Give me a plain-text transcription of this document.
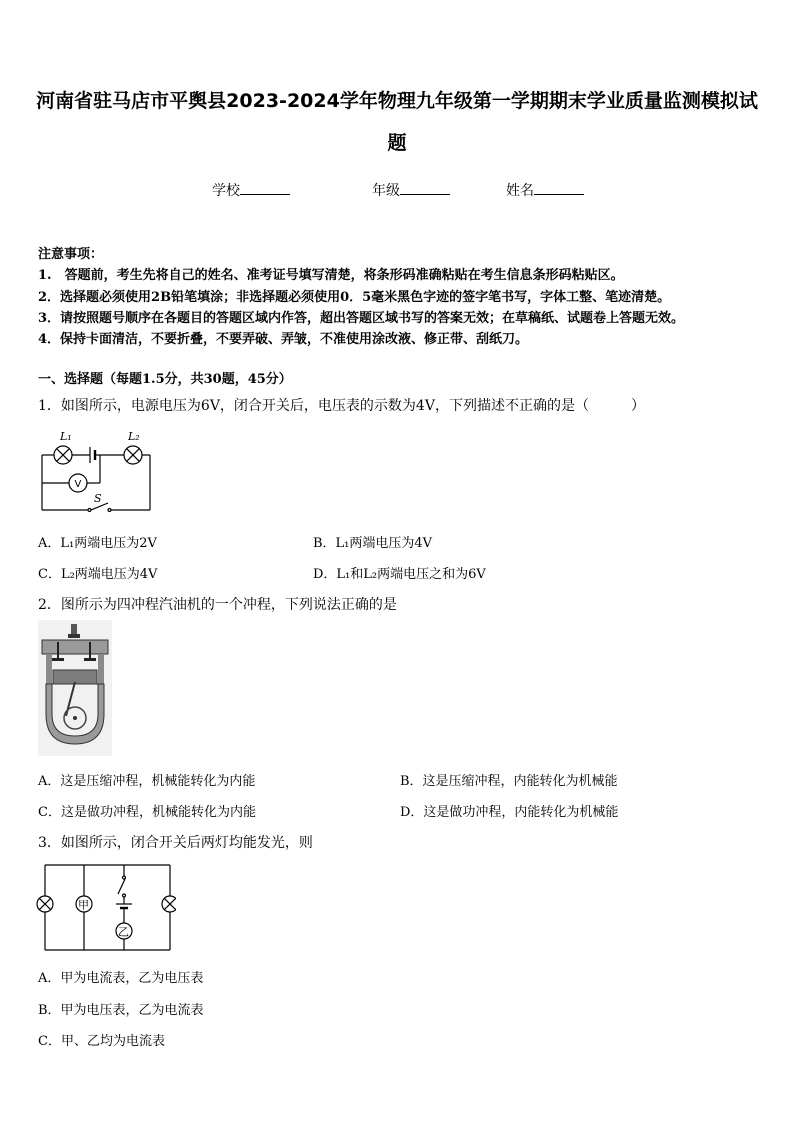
河南省驻马店市平舆县2023-2024学年物理九年级第一学期期末学业质量监测模拟试
题
学校	年级	姓名
注意事项：
1.　答题前，考生先将自己的姓名、准考证号填写清楚，将条形码准确粘贴在考生信息条形码粘贴区。
2．选择题必须使用2B铅笔填涂；非选择题必须使用0．5毫米黑色字迹的签字笔书写，字体工整、笔迹清楚。
3．请按照题号顺序在各题目的答题区域内作答，超出答题区域书写的答案无效；在草稿纸、试题卷上答题无效。
4．保持卡面清洁，不要折叠，不要弄破、弄皱，不准使用涂改液、修正带、刮纸刀。
一、选择题（每题1.5分，共30题，45分）
1．如图所示，电源电压为6V，闭合开关后，电压表的示数为4V，下列描述不正确的是（　　　）
L₁	L₂
V
S
A．L₁两端电压为2V	B．L₁两端电压为4V
C．L₂两端电压为4V	D．L₁和L₂两端电压之和为6V
2．图所示为四冲程汽油机的一个冲程，下列说法正确的是
A．这是压缩冲程，机械能转化为内能	B．这是压缩冲程，内能转化为机械能
C．这是做功冲程，机械能转化为内能	D．这是做功冲程，内能转化为机械能
3．如图所示，闭合开关后两灯均能发光，则
甲
乙
A．甲为电流表，乙为电压表
B．甲为电压表，乙为电流表
C．甲、乙均为电流表
